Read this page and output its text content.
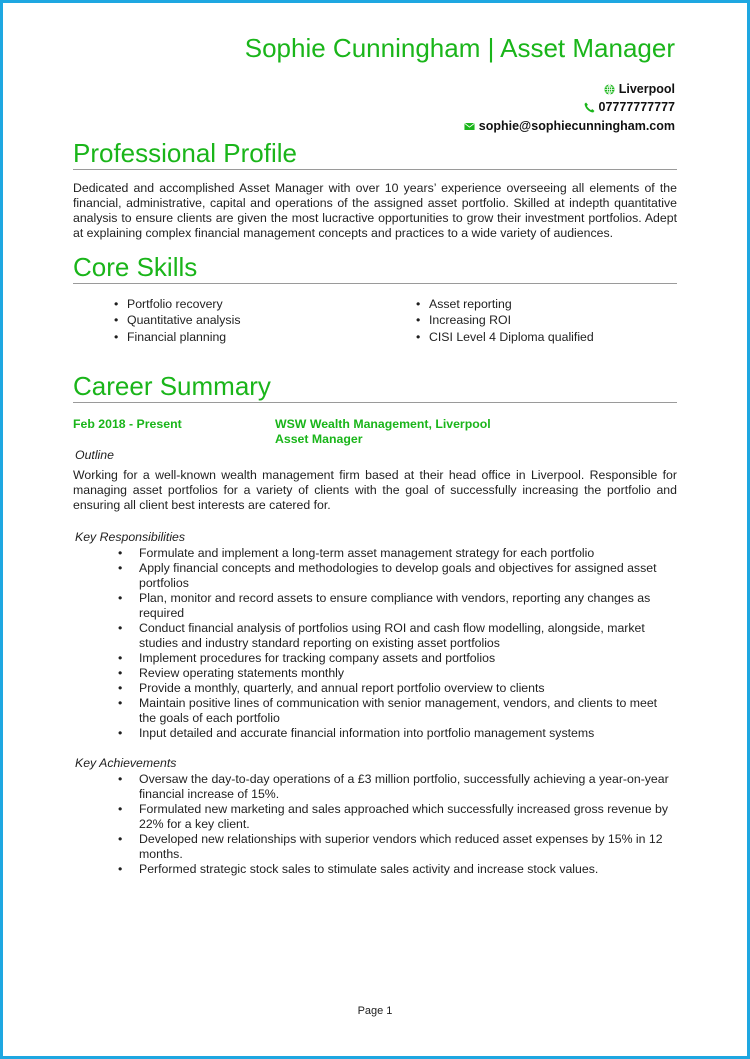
Sophie Cunningham | Asset Manager
Liverpool
07777777777
sophie@sophiecunningham.com
Professional Profile
Dedicated and accomplished Asset Manager with over 10 years’ experience overseeing all elements of the financial, administrative, capital and operations of the assigned asset portfolio. Skilled at indepth quantitative analysis to ensure clients are given the most lucractive opportunities to grow their investment portfolios. Adept at explaining complex financial management concepts and practices to a wide variety of audiences.
Core Skills
• Portfolio recovery
• Quantitative analysis
• Financial planning
• Asset reporting
• Increasing ROI
• CISI Level 4 Diploma qualified
Career Summary
Feb 2018 - Present	WSW Wealth Management, Liverpool
Asset Manager
Outline
Working for a well-known wealth management firm based at their head office in Liverpool. Responsible for managing asset portfolios for a variety of clients with the goal of successfully increasing the portfolio and ensuring all client best interests are catered for.
Key Responsibilities
• Formulate and implement a long-term asset management strategy for each portfolio
• Apply financial concepts and methodologies to develop goals and objectives for assigned asset portfolios
• Plan, monitor and record assets to ensure compliance with vendors, reporting any changes as required
• Conduct financial analysis of portfolios using ROI and cash flow modelling, alongside, market studies and industry standard reporting on existing asset portfolios
• Implement procedures for tracking company assets and portfolios
• Review operating statements monthly
• Provide a monthly, quarterly, and annual report portfolio overview to clients
• Maintain positive lines of communication with senior management, vendors, and clients to meet the goals of each portfolio
• Input detailed and accurate financial information into portfolio management systems
Key Achievements
• Oversaw the day-to-day operations of a £3 million portfolio, successfully achieving a year-on-year financial increase of 15%.
• Formulated new marketing and sales approached which successfully increased gross revenue by 22% for a key client.
• Developed new relationships with superior vendors which reduced asset expenses by 15% in 12 months.
• Performed strategic stock sales to stimulate sales activity and increase stock values.
Page 1
